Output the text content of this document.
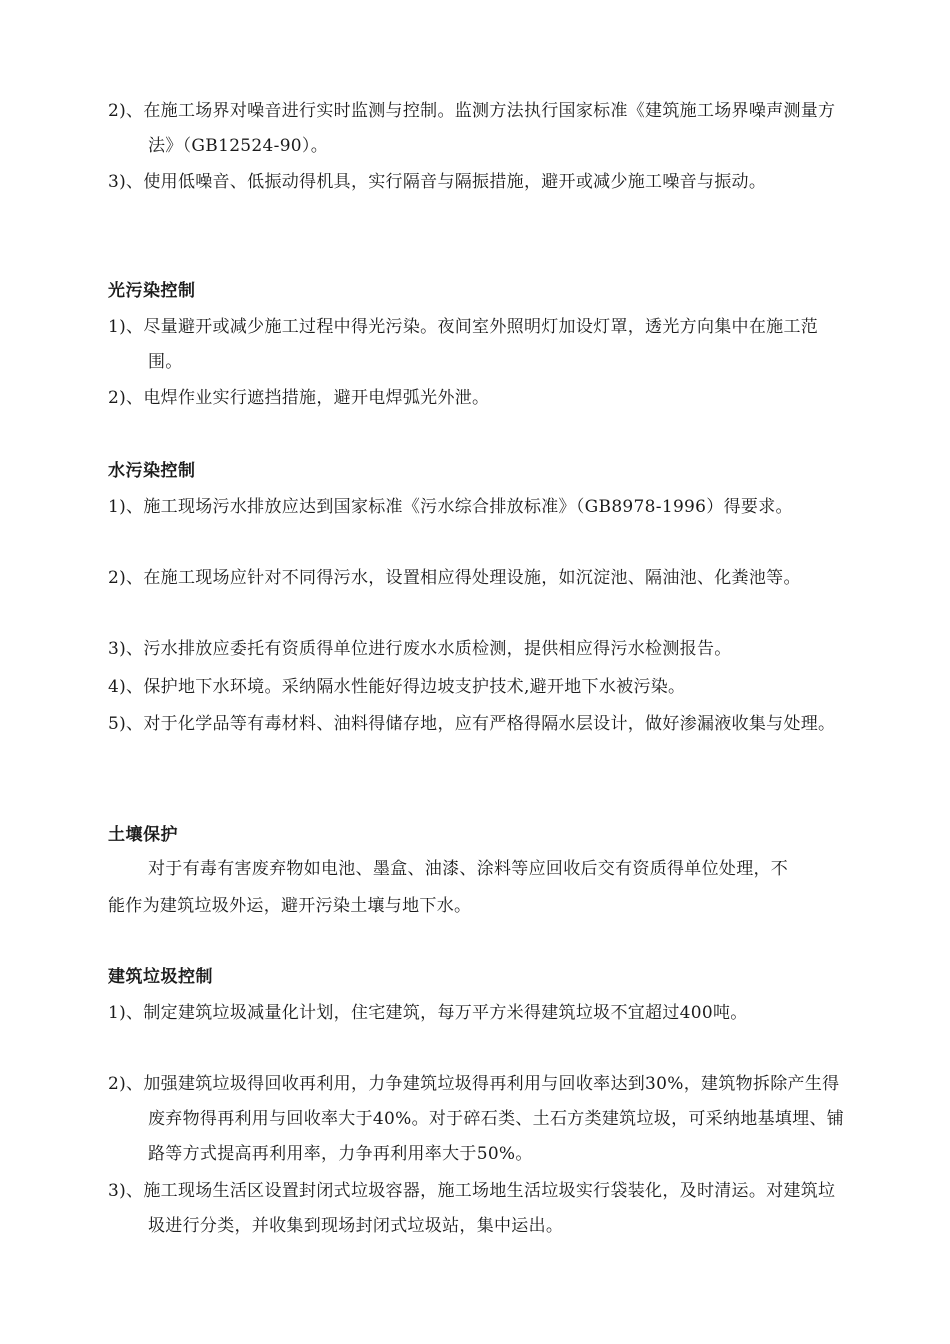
2)、在施工场界对噪音进行实时监测与控制。监测方法执行国家标准《建筑施工场界噪声测量方法》（GB12524-90）。
3)、使用低噪音、低振动得机具，实行隔音与隔振措施，避开或减少施工噪音与振动。
光污染控制
1)、尽量避开或减少施工过程中得光污染。夜间室外照明灯加设灯罩，透光方向集中在施工范围。
2)、电焊作业实行遮挡措施，避开电焊弧光外泄。
水污染控制
1)、施工现场污水排放应达到国家标准《污水综合排放标准》（GB8978-1996）得要求。
2)、在施工现场应针对不同得污水，设置相应得处理设施，如沉淀池、隔油池、化粪池等。
3)、污水排放应委托有资质得单位进行废水水质检测，提供相应得污水检测报告。
4)、保护地下水环境。采纳隔水性能好得边坡支护技术,避开地下水被污染。
5)、对于化学品等有毒材料、油料得储存地，应有严格得隔水层设计，做好渗漏液收集与处理。
土壤保护
对于有毒有害废弃物如电池、墨盒、油漆、涂料等应回收后交有资质得单位处理，不能作为建筑垃圾外运，避开污染土壤与地下水。
建筑垃圾控制
1)、制定建筑垃圾减量化计划，住宅建筑，每万平方米得建筑垃圾不宜超过400吨。
2)、加强建筑垃圾得回收再利用，力争建筑垃圾得再利用与回收率达到30%，建筑物拆除产生得废弃物得再利用与回收率大于40%。对于碎石类、土石方类建筑垃圾，可采纳地基填埋、铺路等方式提高再利用率，力争再利用率大于50%。
3)、施工现场生活区设置封闭式垃圾容器，施工场地生活垃圾实行袋装化，及时清运。对建筑垃圾进行分类，并收集到现场封闭式垃圾站，集中运出。
